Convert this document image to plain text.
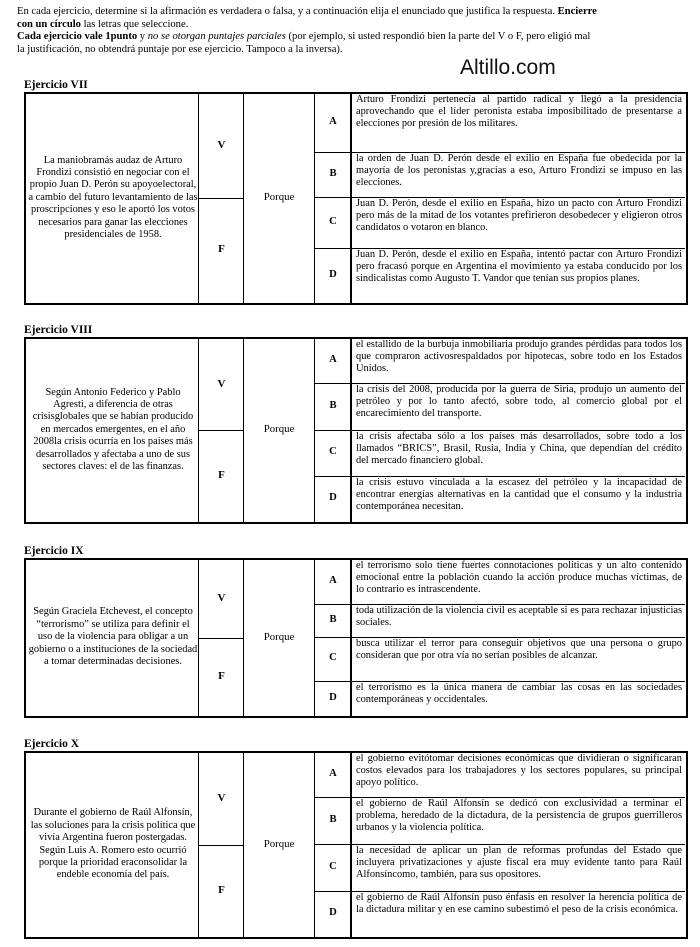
En cada ejercicio, determine si la afirmación es verdadera o falsa, y a continuación elija el enunciado que justifica la respuesta. Encierre
con un círculo las letras que seleccione.
Cada ejercicio vale 1punto y no se otorgan puntajes parciales (por ejemplo, si usted respondió bien la parte del V o F, pero eligió mal
la justificación, no obtendrá puntaje por ese ejercicio. Tampoco a la inversa).
Altillo.com
Ejercicio VII
La maniobramás audaz de Arturo Frondizi consistió en negociar con el propio Juan D. Perón su apoyoelectoral, a cambio del futuro levantamiento de las proscripciones y eso le aportó los votos necesarios para ganar las elecciones presidenciales de 1958.
V
F
Porque
A
Arturo Frondizi pertenecía al partido radical y llegó a la presidencia aprovechando que el líder peronista estaba imposibilitado de presentarse a elecciones por presión de los militares.
B
la orden de Juan D. Perón desde el exilio en España fue obedecida por la mayoría de los peronistas y,gracias a eso, Arturo Frondizi se impuso en las elecciones.
C
Juan D. Perón, desde el exilio en España, hizo un pacto con Arturo Frondizi pero más de la mitad de los votantes prefirieron desobedecer y eligieron otros candidatos o votaron en blanco.
D
Juan D. Perón, desde el exilio en España, intentó pactar con Arturo Frondizi pero fracasó porque en Argentina el movimiento ya estaba conducido por los sindicalistas como Augusto T. Vandor que tenían sus propios planes.
Ejercicio VIII
Según Antonio Federico y Pablo Agresti, a diferencia de otras crisisglobales que se habían producido en mercados emergentes, en el año 2008la crisis ocurría en los países más desarrollados y afectaba a uno de sus sectores claves: el de las finanzas.
V
F
Porque
A
el estallido de la burbuja inmobiliaria produjo grandes pérdidas para todos los que compraron activosrespaldados por hipotecas, sobre todo en los Estados Unidos.
B
la crisis del 2008, producida por la guerra de Siria, produjo un aumento del petróleo y por lo tanto afectó, sobre todo, al comercio global por el encarecimiento del transporte.
C
la crisis afectaba sólo a los países más desarrollados, sobre todo a los llamados “BRICS”, Brasil, Rusia, India y China, que dependían del crédito del mercado financiero global.
D
la crisis estuvo vinculada a la escasez del petróleo y la incapacidad de encontrar energías alternativas en la cantidad que el consumo y la industria contemporánea necesitan.
Ejercicio IX
Según Graciela Etchevest, el concepto “terrorismo” se utiliza para definir el uso de la violencia para obligar a un gobierno o a instituciones de la sociedad a tomar determinadas decisiones.
V
F
Porque
A
el terrorismo solo tiene fuertes connotaciones políticas y un alto contenido emocional entre la población cuando la acción produce muchas víctimas, de lo contrario es intrascendente.
B
toda utilización de la violencia civil es aceptable si es para rechazar injusticias sociales.
C
busca utilizar el terror para conseguir objetivos que una persona o grupo consideran que por otra vía no serían posibles de alcanzar.
D
el terrorismo es la única manera de cambiar las cosas en las sociedades contemporáneas y occidentales.
Ejercicio X
Durante el gobierno de Raúl Alfonsín, las soluciones para la crisis política que vivía Argentina fueron postergadas. Según Luis A. Romero esto ocurrió porque la prioridad eraconsolidar la endeble economía del país.
V
F
Porque
A
el gobierno evitótomar decisiones económicas que dividieran o significaran costos elevados para los trabajadores y los sectores populares, su principal apoyo político.
B
el gobierno de Raúl Alfonsín se dedicó con exclusividad a terminar el problema, heredado de la dictadura, de la persistencia de grupos guerrilleros urbanos y la violencia política.
C
la necesidad de aplicar un plan de reformas profundas del Estado que incluyera privatizaciones y ajuste fiscal era muy evidente tanto para Raúl Alfonsíncomo, también, para sus opositores.
D
el gobierno de Raúl Alfonsín puso énfasis en resolver la herencia política de la dictadura militar y en ese camino subestimó el peso de la crisis económica.
